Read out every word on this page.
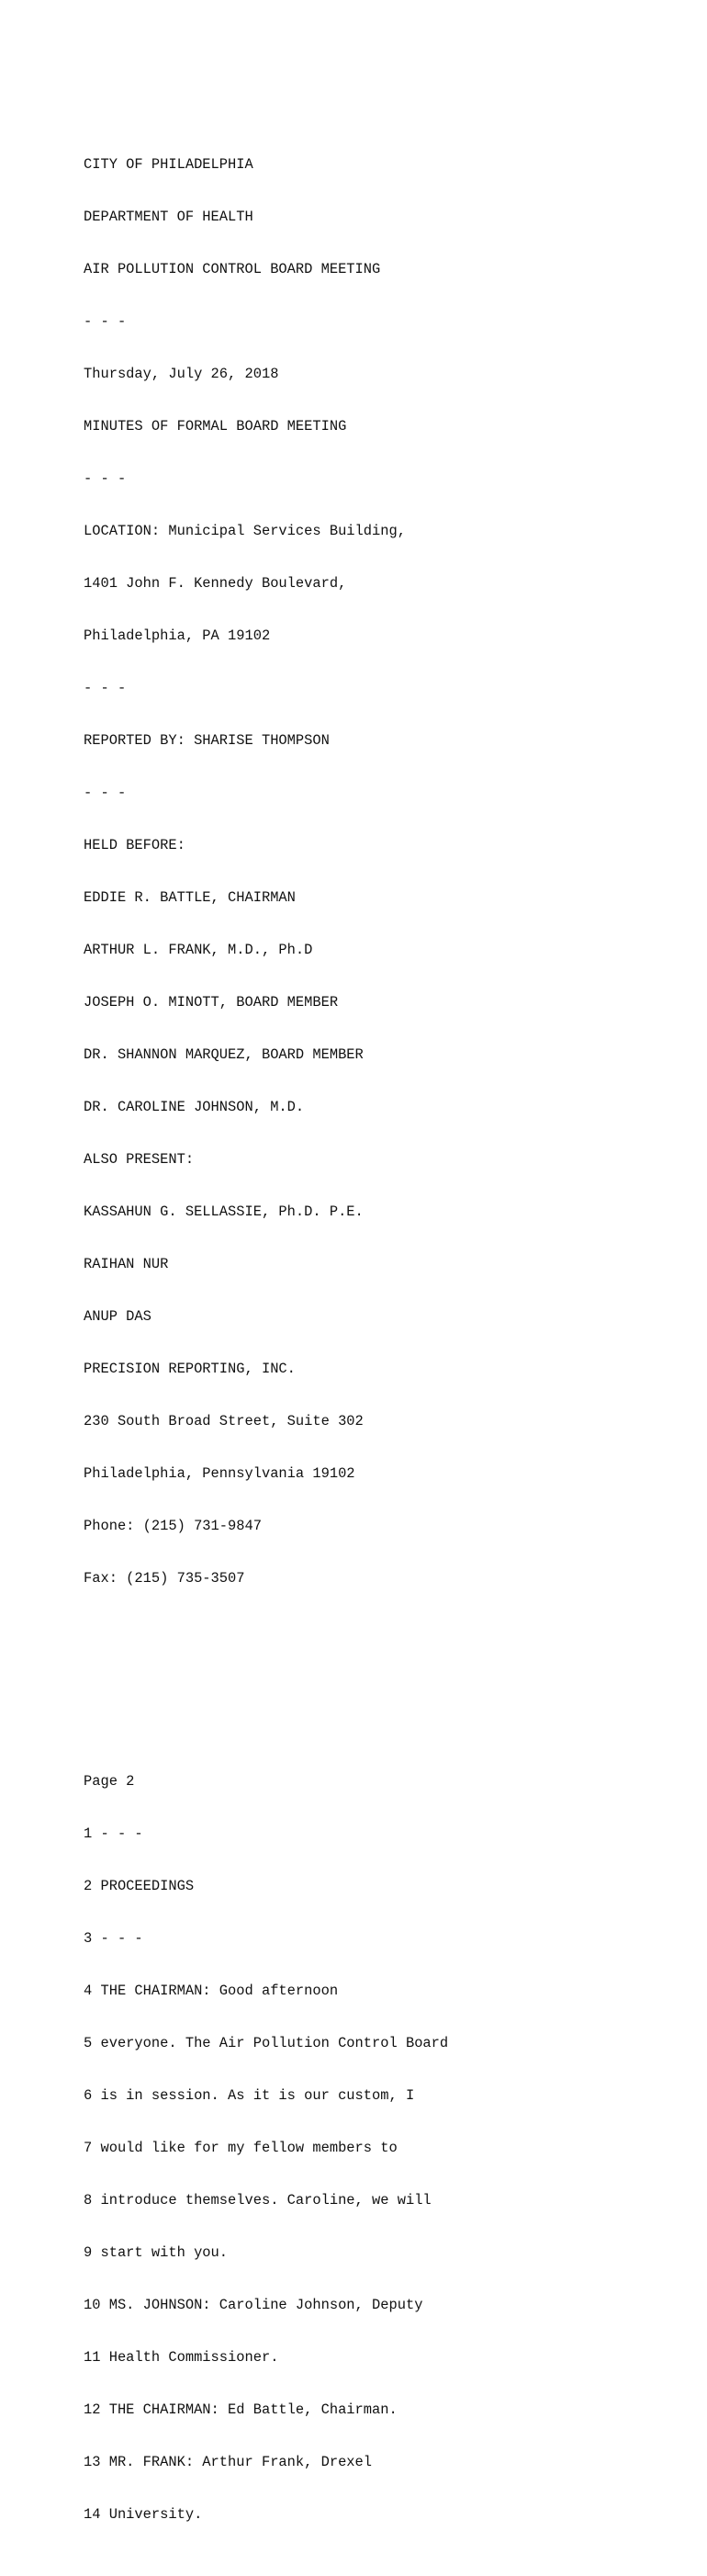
CITY OF PHILADELPHIA

DEPARTMENT OF HEALTH

AIR POLLUTION CONTROL BOARD MEETING

- - -

Thursday, July 26, 2018

MINUTES OF FORMAL BOARD MEETING

- - -

LOCATION: Municipal Services Building,

1401 John F. Kennedy Boulevard,

Philadelphia, PA 19102

- - -

REPORTED BY: SHARISE THOMPSON

- - -

HELD BEFORE:

EDDIE R. BATTLE, CHAIRMAN

ARTHUR L. FRANK, M.D., Ph.D

JOSEPH O. MINOTT, BOARD MEMBER

DR. SHANNON MARQUEZ, BOARD MEMBER

DR. CAROLINE JOHNSON, M.D.

ALSO PRESENT:

KASSAHUN G. SELLASSIE, Ph.D. P.E.

RAIHAN NUR

ANUP DAS

PRECISION REPORTING, INC.

230 South Broad Street, Suite 302

Philadelphia, Pennsylvania 19102

Phone: (215) 731-9847

Fax: (215) 735-3507

Page 2

1 - - -

2 PROCEEDINGS

3 - - -

4 THE CHAIRMAN: Good afternoon

5 everyone. The Air Pollution Control Board

6 is in session. As it is our custom, I

7 would like for my fellow members to

8 introduce themselves. Caroline, we will

9 start with you.

10 MS. JOHNSON: Caroline Johnson, Deputy

11 Health Commissioner.

12 THE CHAIRMAN: Ed Battle, Chairman.

13 MR. FRANK: Arthur Frank, Drexel

14 University.
